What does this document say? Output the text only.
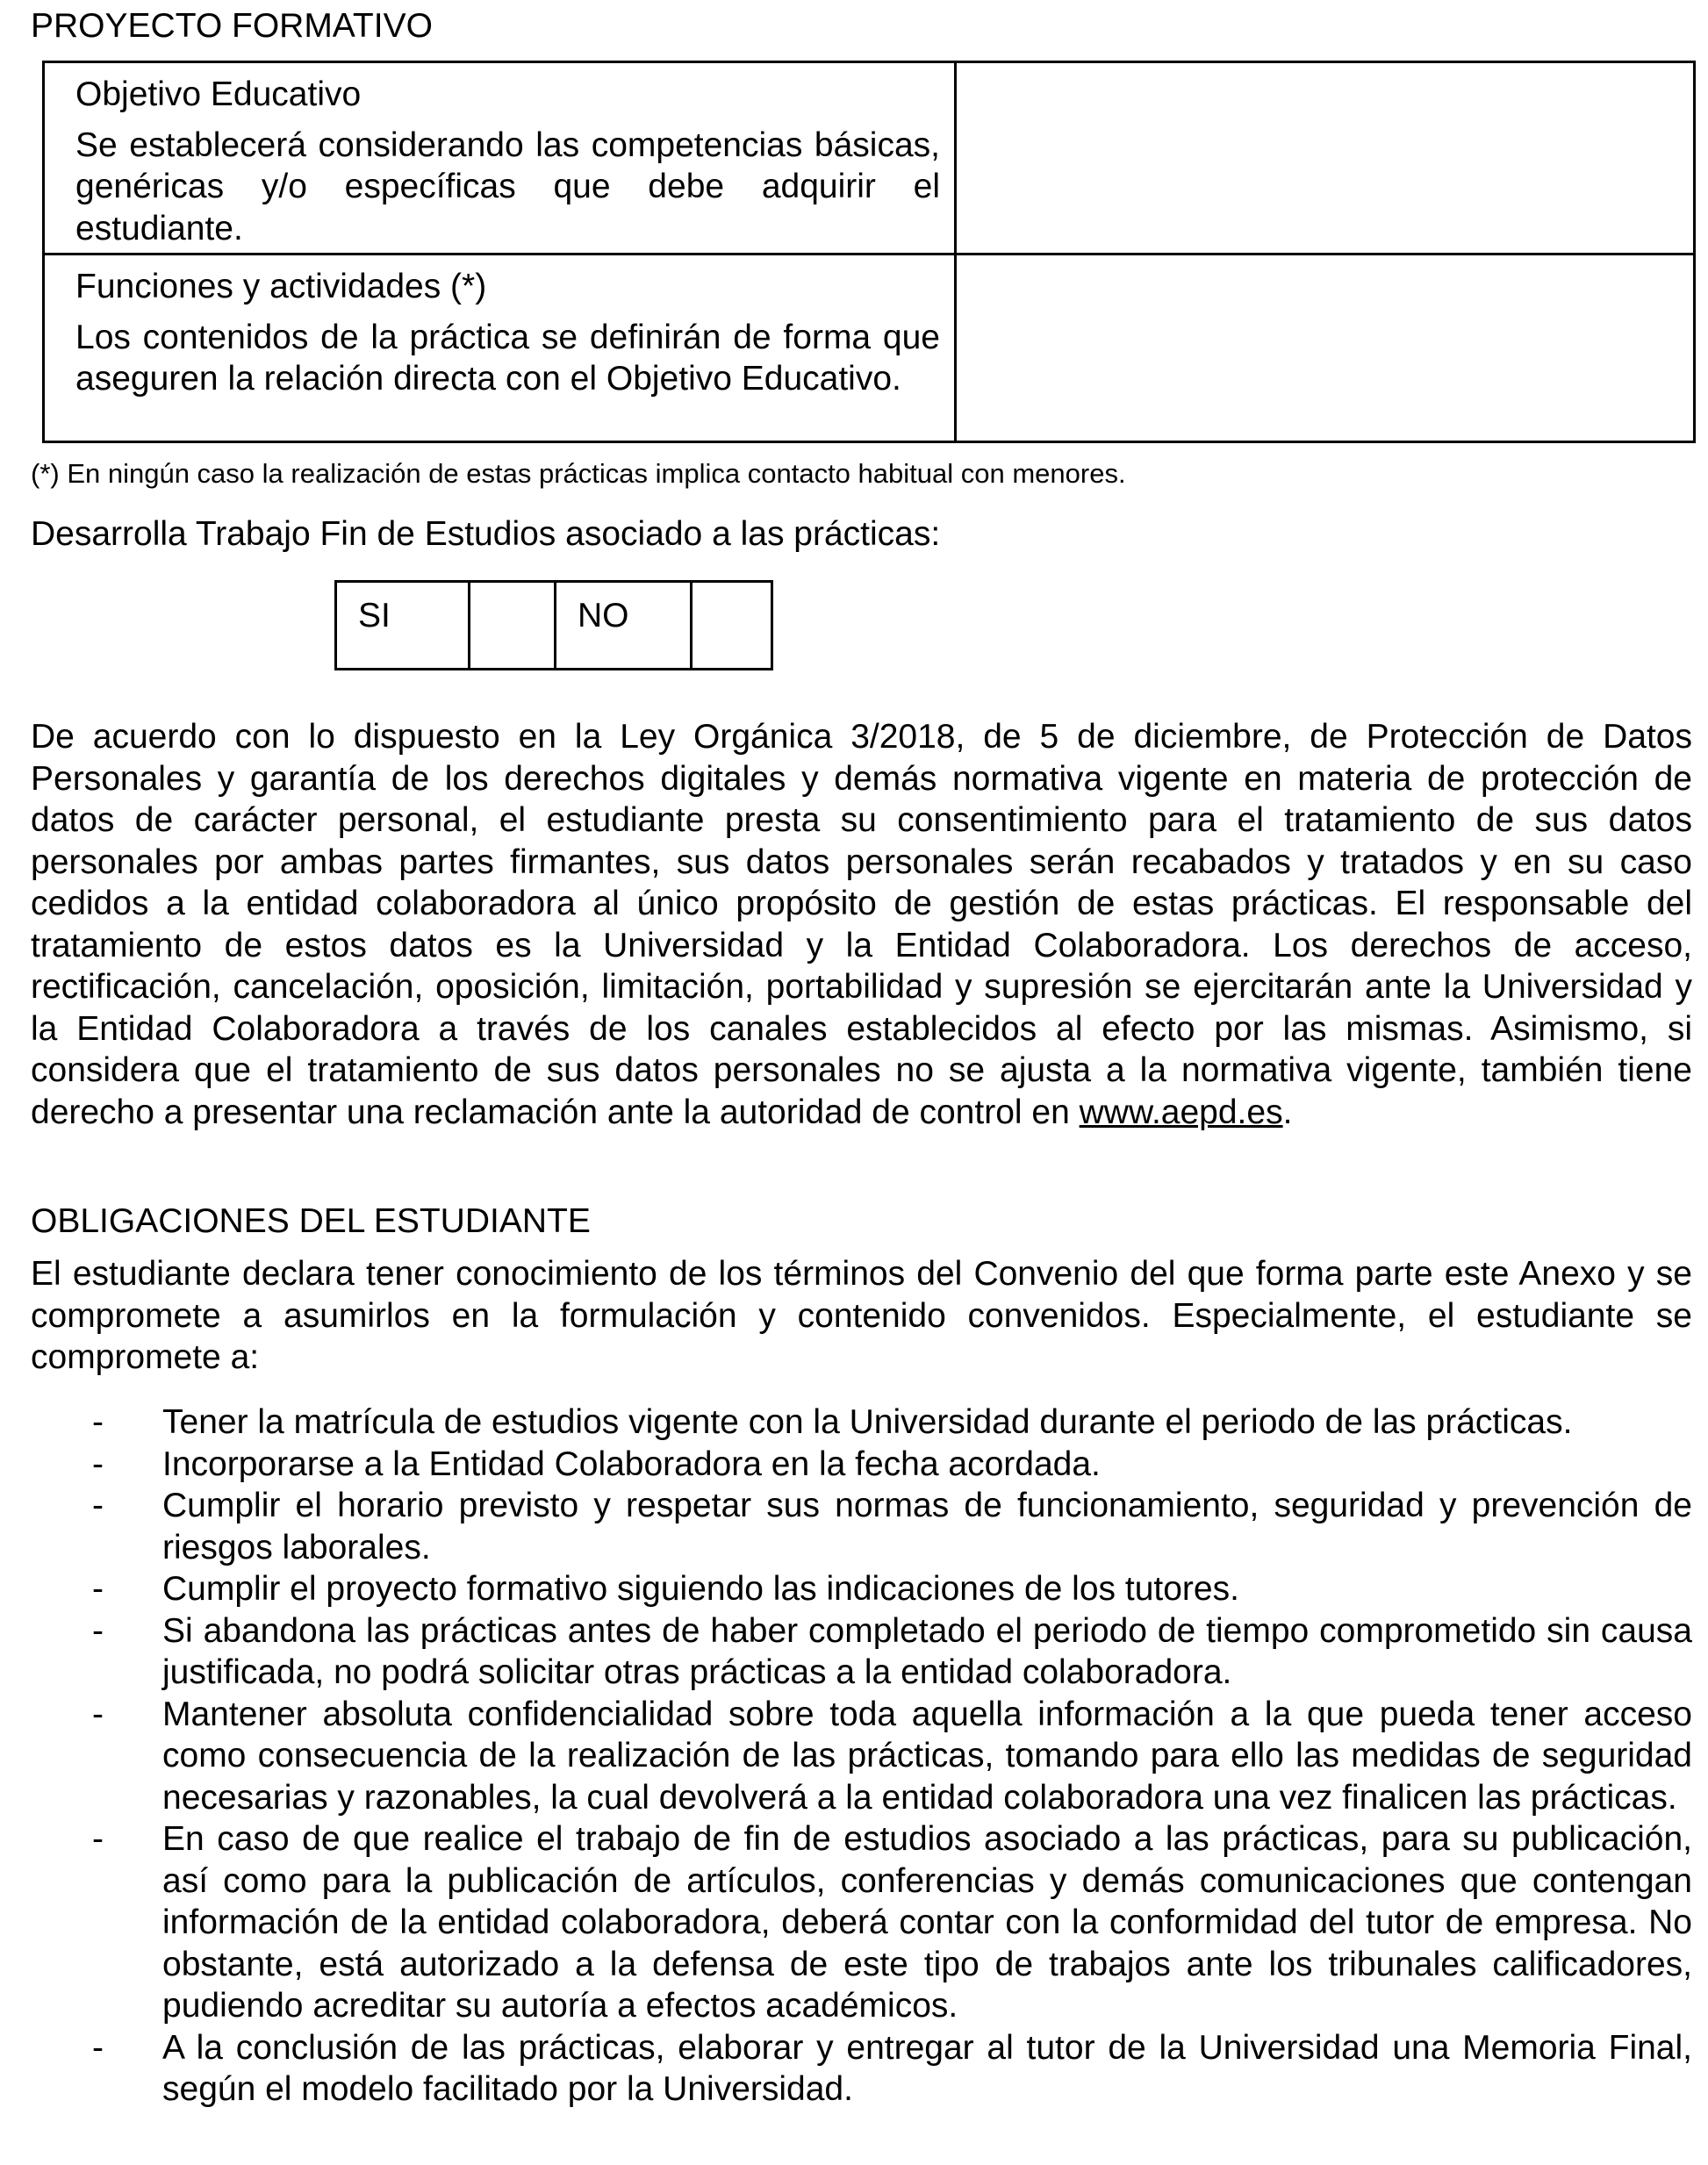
PROYECTO FORMATIVO
Objetivo Educativo
Se establecerá considerando las competencias básicas, genéricas y/o específicas que debe adquirir el estudiante.
Funciones y actividades (*)
Los contenidos de la práctica se definirán de forma que aseguren la relación directa con el Objetivo Educativo.
(*) En ningún caso la realización de estas prácticas implica contacto habitual con menores.
Desarrolla Trabajo Fin de Estudios asociado a las prácticas:
SI	NO
De acuerdo con lo dispuesto en la Ley Orgánica 3/2018, de 5 de diciembre, de Protección de Datos Personales y garantía de los derechos digitales y demás normativa vigente en materia de protección de datos de carácter personal, el estudiante presta su consentimiento para el tratamiento de sus datos personales por ambas partes firmantes, sus datos personales serán recabados y tratados y en su caso cedidos a la entidad colaboradora al único propósito de gestión de estas prácticas. El responsable del tratamiento de estos datos es la Universidad y la Entidad Colaboradora. Los derechos de acceso, rectificación, cancelación, oposición, limitación, portabilidad y supresión se ejercitarán ante la Universidad y la Entidad Colaboradora a través de los canales establecidos al efecto por las mismas. Asimismo, si considera que el tratamiento de sus datos personales no se ajusta a la normativa vigente, también tiene derecho a presentar una reclamación ante la autoridad de control en www.aepd.es.
OBLIGACIONES DEL ESTUDIANTE
El estudiante declara tener conocimiento de los términos del Convenio del que forma parte este Anexo y se compromete a asumirlos en la formulación y contenido convenidos. Especialmente, el estudiante se compromete a:
- Tener la matrícula de estudios vigente con la Universidad durante el periodo de las prácticas.
- Incorporarse a la Entidad Colaboradora en la fecha acordada.
- Cumplir el horario previsto y respetar sus normas de funcionamiento, seguridad y prevención de riesgos laborales.
- Cumplir el proyecto formativo siguiendo las indicaciones de los tutores.
- Si abandona las prácticas antes de haber completado el periodo de tiempo comprometido sin causa justificada, no podrá solicitar otras prácticas a la entidad colaboradora.
- Mantener absoluta confidencialidad sobre toda aquella información a la que pueda tener acceso como consecuencia de la realización de las prácticas, tomando para ello las medidas de seguridad necesarias y razonables, la cual devolverá a la entidad colaboradora una vez finalicen las prácticas.
- En caso de que realice el trabajo de fin de estudios asociado a las prácticas, para su publicación, así como para la publicación de artículos, conferencias y demás comunicaciones que contengan información de la entidad colaboradora, deberá contar con la conformidad del tutor de empresa. No obstante, está autorizado a la defensa de este tipo de trabajos ante los tribunales calificadores, pudiendo acreditar su autoría a efectos académicos.
- A la conclusión de las prácticas, elaborar y entregar al tutor de la Universidad una Memoria Final, según el modelo facilitado por la Universidad.
